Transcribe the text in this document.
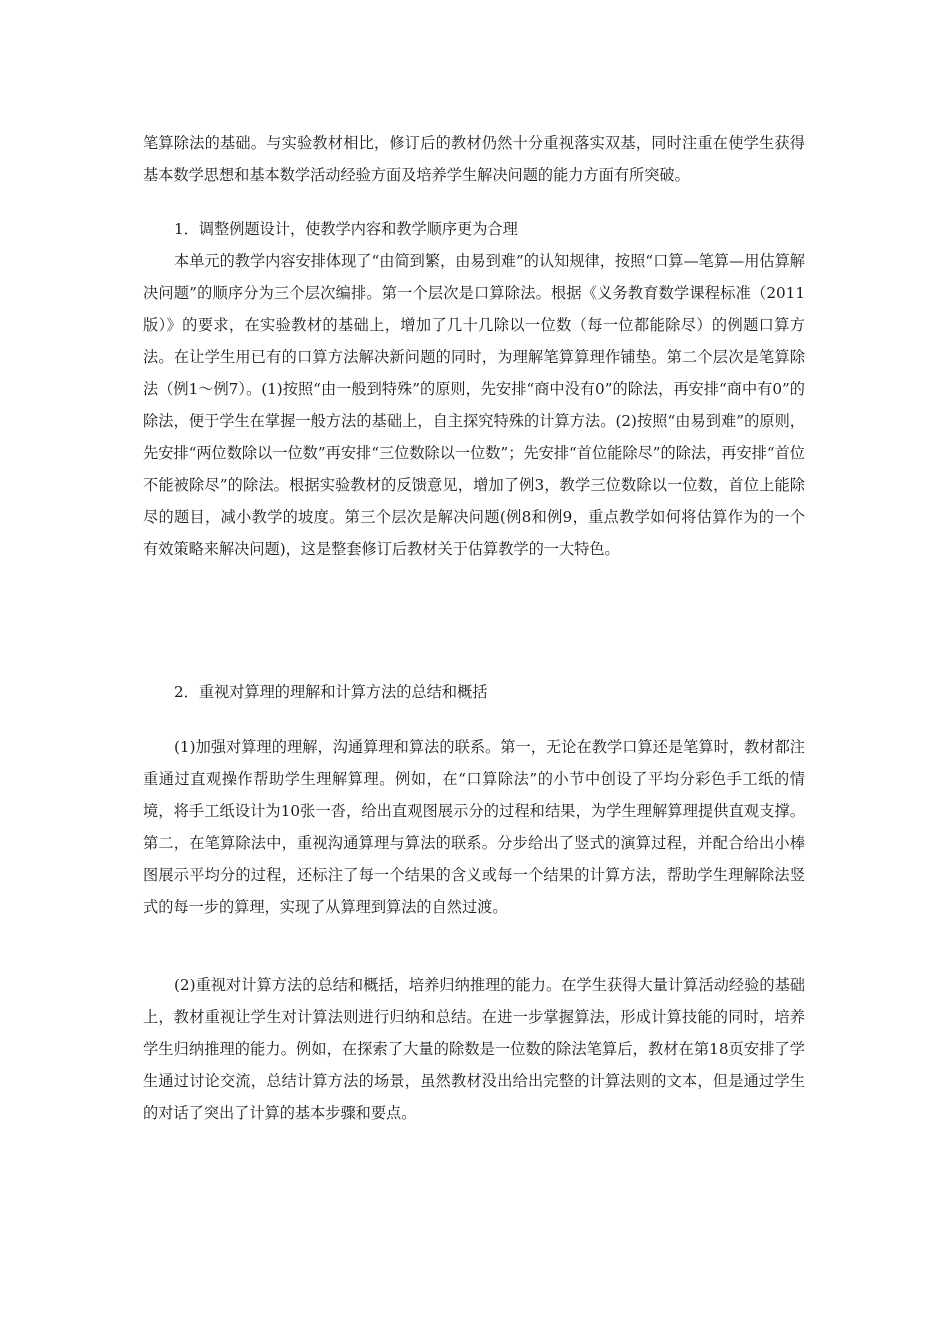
笔算除法的基础。与实验教材相比，修订后的教材仍然十分重视落实双基，同时注重在使学生获得基本数学思想和基本数学活动经验方面及培养学生解决问题的能力方面有所突破。

1．调整例题设计，使教学内容和教学顺序更为合理

本单元的教学内容安排体现了“由简到繁，由易到难”的认知规律，按照“口算—笔算—用估算解决问题”的顺序分为三个层次编排。第一个层次是口算除法。根据《义务教育数学课程标准（2011版）》的要求，在实验教材的基础上，增加了几十几除以一位数（每一位都能除尽）的例题口算方法。在让学生用已有的口算方法解决新问题的同时，为理解笔算算理作铺垫。第二个层次是笔算除法（例1～例7）。(1)按照“由一般到特殊”的原则，先安排“商中没有0”的除法，再安排“商中有0”的除法，便于学生在掌握一般方法的基础上，自主探究特殊的计算方法。(2)按照“由易到难”的原则，先安排“两位数除以一位数”再安排“三位数除以一位数”；先安排“首位能除尽”的除法，再安排“首位不能被除尽”的除法。根据实验教材的反馈意见，增加了例3，教学三位数除以一位数，首位上能除尽的题目，减小教学的坡度。第三个层次是解决问题(例8和例9，重点教学如何将估算作为的一个有效策略来解决问题)，这是整套修订后教材关于估算教学的一大特色。

2．重视对算理的理解和计算方法的总结和概括

(1)加强对算理的理解，沟通算理和算法的联系。第一，无论在教学口算还是笔算时，教材都注重通过直观操作帮助学生理解算理。例如，在“口算除法”的小节中创设了平均分彩色手工纸的情境，将手工纸设计为10张一沓，给出直观图展示分的过程和结果，为学生理解算理提供直观支撑。第二，在笔算除法中，重视沟通算理与算法的联系。分步给出了竖式的演算过程，并配合给出小棒图展示平均分的过程，还标注了每一个结果的含义或每一个结果的计算方法，帮助学生理解除法竖式的每一步的算理，实现了从算理到算法的自然过渡。

(2)重视对计算方法的总结和概括，培养归纳推理的能力。在学生获得大量计算活动经验的基础上，教材重视让学生对计算法则进行归纳和总结。在进一步掌握算法，形成计算技能的同时，培养学生归纳推理的能力。例如，在探索了大量的除数是一位数的除法笔算后，教材在第18页安排了学生通过讨论交流，总结计算方法的场景，虽然教材没出给出完整的计算法则的文本，但是通过学生的对话了突出了计算的基本步骤和要点。
